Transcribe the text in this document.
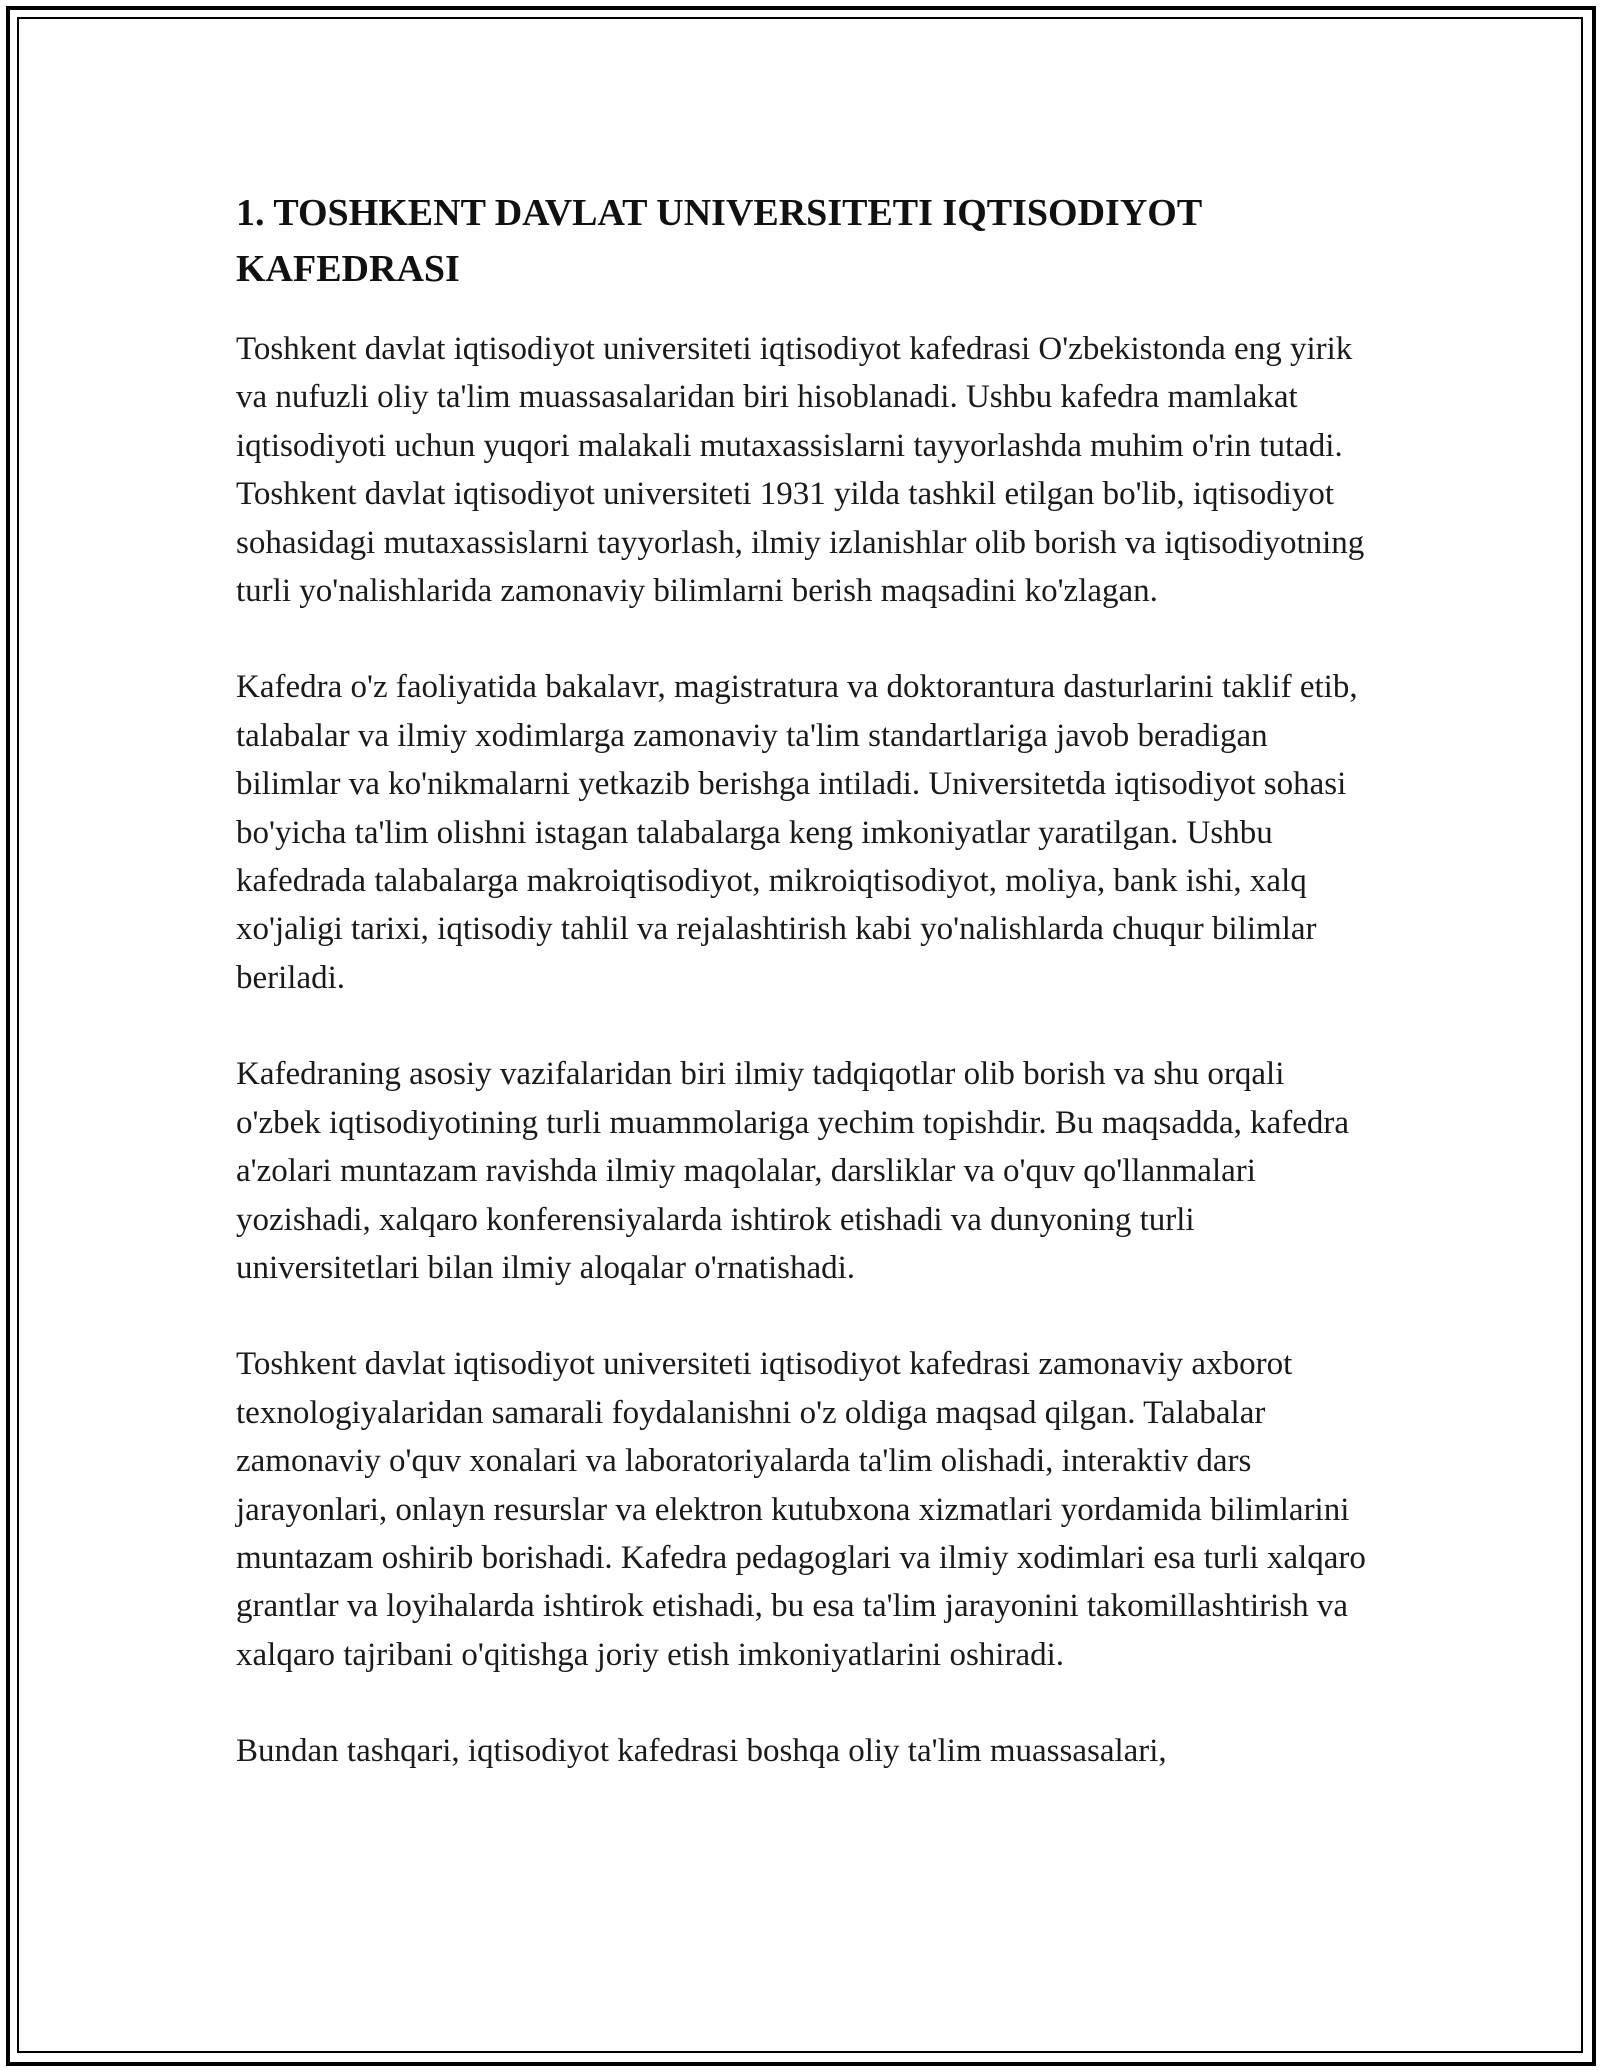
1. TOSHKENT DAVLAT UNIVERSITETI IQTISODIYOT KAFEDRASI

Toshkent davlat iqtisodiyot universiteti iqtisodiyot kafedrasi O'zbekistonda eng yirik va nufuzli oliy ta'lim muassasalaridan biri hisoblanadi. Ushbu kafedra mamlakat iqtisodiyoti uchun yuqori malakali mutaxassislarni tayyorlashda muhim o'rin tutadi. Toshkent davlat iqtisodiyot universiteti 1931 yilda tashkil etilgan bo'lib, iqtisodiyot sohasidagi mutaxassislarni tayyorlash, ilmiy izlanishlar olib borish va iqtisodiyotning turli yo'nalishlarida zamonaviy bilimlarni berish maqsadini ko'zlagan.

Kafedra o'z faoliyatida bakalavr, magistratura va doktorantura dasturlarini taklif etib, talabalar va ilmiy xodimlarga zamonaviy ta'lim standartlariga javob beradigan bilimlar va ko'nikmalarni yetkazib berishga intiladi. Universitetda iqtisodiyot sohasi bo'yicha ta'lim olishni istagan talabalarga keng imkoniyatlar yaratilgan. Ushbu kafedrada talabalarga makroiqtisodiyot, mikroiqtisodiyot, moliya, bank ishi, xalq xo'jaligi tarixi, iqtisodiy tahlil va rejalashtirish kabi yo'nalishlarda chuqur bilimlar beriladi.

Kafedraning asosiy vazifalaridan biri ilmiy tadqiqotlar olib borish va shu orqali o'zbek iqtisodiyotining turli muammolariga yechim topishdir. Bu maqsadda, kafedra a'zolari muntazam ravishda ilmiy maqolalar, darsliklar va o'quv qo'llanmalari yozishadi, xalqaro konferensiyalarda ishtirok etishadi va dunyoning turli universitetlari bilan ilmiy aloqalar o'rnatishadi.

Toshkent davlat iqtisodiyot universiteti iqtisodiyot kafedrasi zamonaviy axborot texnologiyalaridan samarali foydalanishni o'z oldiga maqsad qilgan. Talabalar zamonaviy o'quv xonalari va laboratoriyalarda ta'lim olishadi, interaktiv dars jarayonlari, onlayn resurslar va elektron kutubxona xizmatlari yordamida bilimlarini muntazam oshirib borishadi. Kafedra pedagoglari va ilmiy xodimlari esa turli xalqaro grantlar va loyihalarda ishtirok etishadi, bu esa ta'lim jarayonini takomillashtirish va xalqaro tajribani o'qitishga joriy etish imkoniyatlarini oshiradi.

Bundan tashqari, iqtisodiyot kafedrasi boshqa oliy ta'lim muassasalari,
